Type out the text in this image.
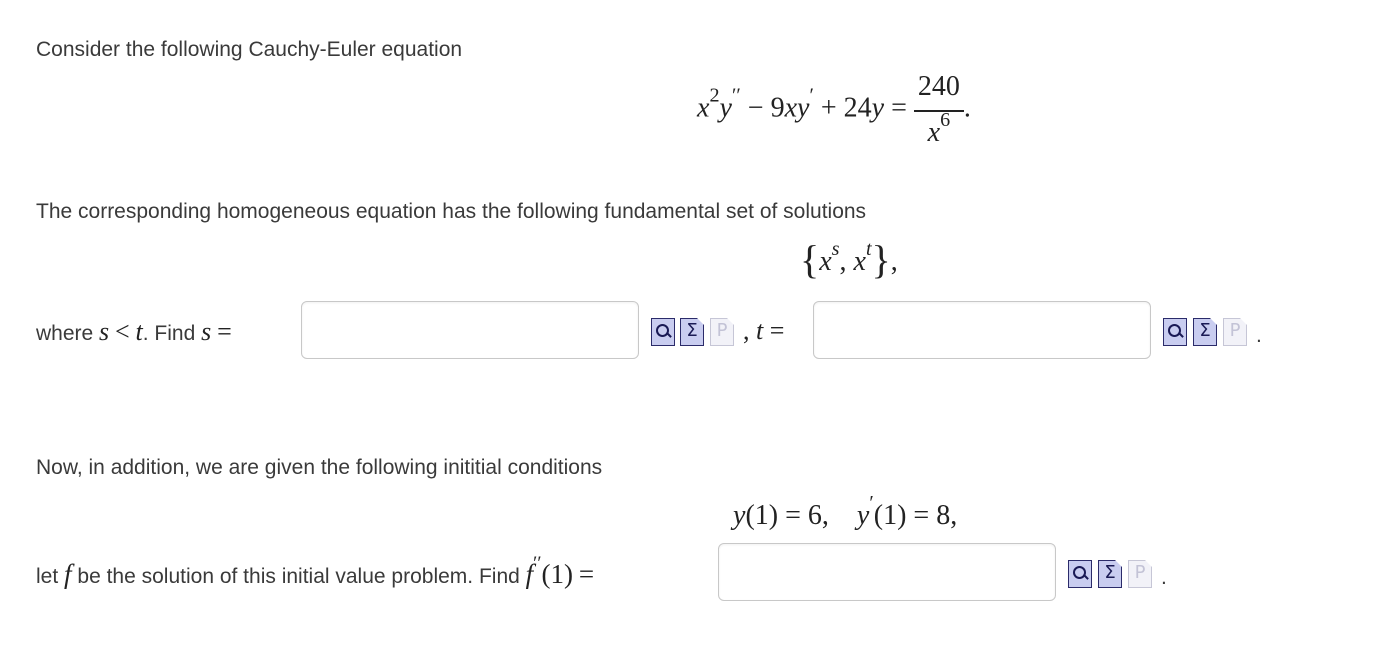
Consider the following Cauchy-Euler equation
$x^2y'' - 9xy' + 24y = \frac{240}{x^6}$ .
The corresponding homogeneous equation has the following fundamental set of solutions
{$x^s$, $x^t$},
where s < t. Find s =	Σ	P , t =	Σ	P .
Now, in addition, we are given the following inititial conditions
y(1) = 6, y′(1) = 8,
let f be the solution of this initial value problem. Find f′′(1) =	Σ	P .
